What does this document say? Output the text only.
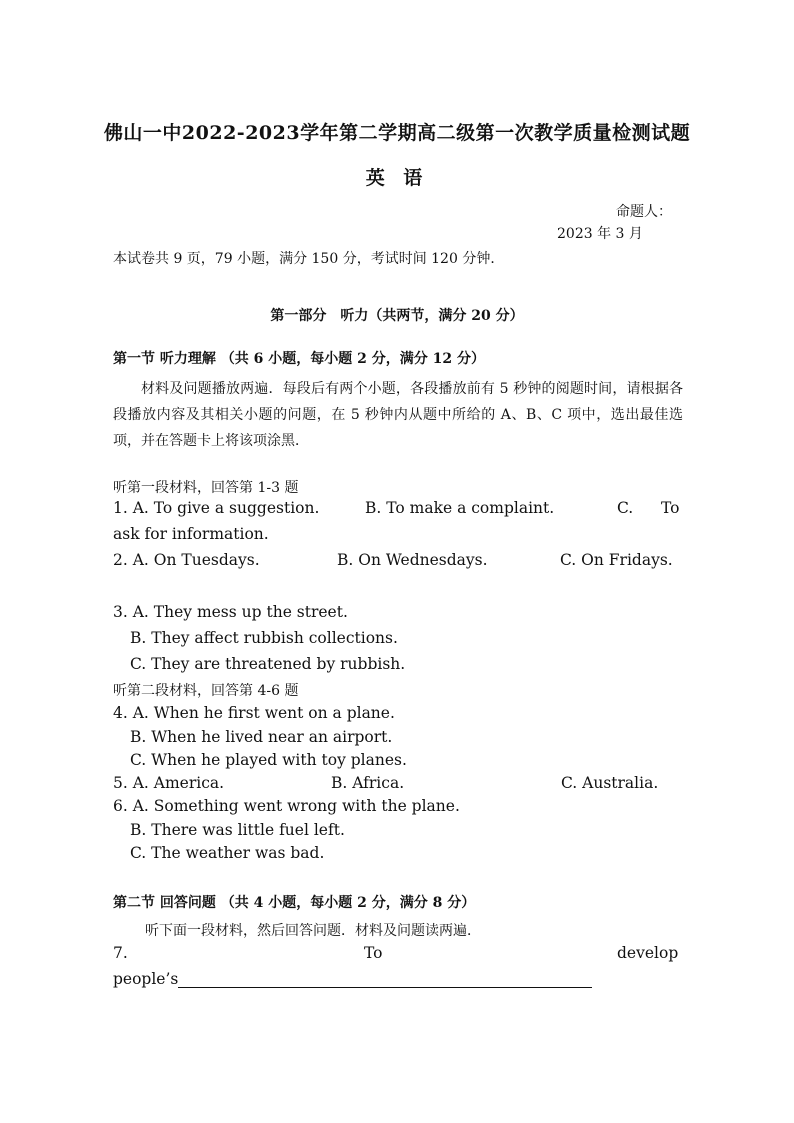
佛山一中2022-2023学年第二学期高二级第一次教学质量检测试题
英 语
命题人：
2023 年 3 月
本试卷共 9 页，79 小题，满分 150 分，考试时间 120 分钟．
第一部分　听力（共两节，满分 20 分）
第一节 听力理解 （共 6 小题，每小题 2 分，满分 12 分）
材料及问题播放两遍．每段后有两个小题，各段播放前有 5 秒钟的阅题时间，请根据各段播放内容及其相关小题的问题，在 5 秒钟内从题中所给的 A、B、C 项中，选出最佳选项，并在答题卡上将该项涂黑．
听第一段材料，回答第 1-3 题
1. A. To give a suggestion.	B. To make a complaint.	C. To
ask for information.
2. A. On Tuesdays.	B. On Wednesdays.	C. On Fridays.
3. A. They mess up the street.
B. They affect rubbish collections.
C. They are threatened by rubbish.
听第二段材料，回答第 4-6 题
4. A. When he first went on a plane.
B. When he lived near an airport.
C. When he played with toy planes.
5. A. America.	B. Africa.	C. Australia.
6. A. Something went wrong with the plane.
B. There was little fuel left.
C. The weather was bad.
第二节 回答问题 （共 4 小题，每小题 2 分，满分 8 分）
听下面一段材料，然后回答问题．材料及问题读两遍．
7.	To	develop
people’s
